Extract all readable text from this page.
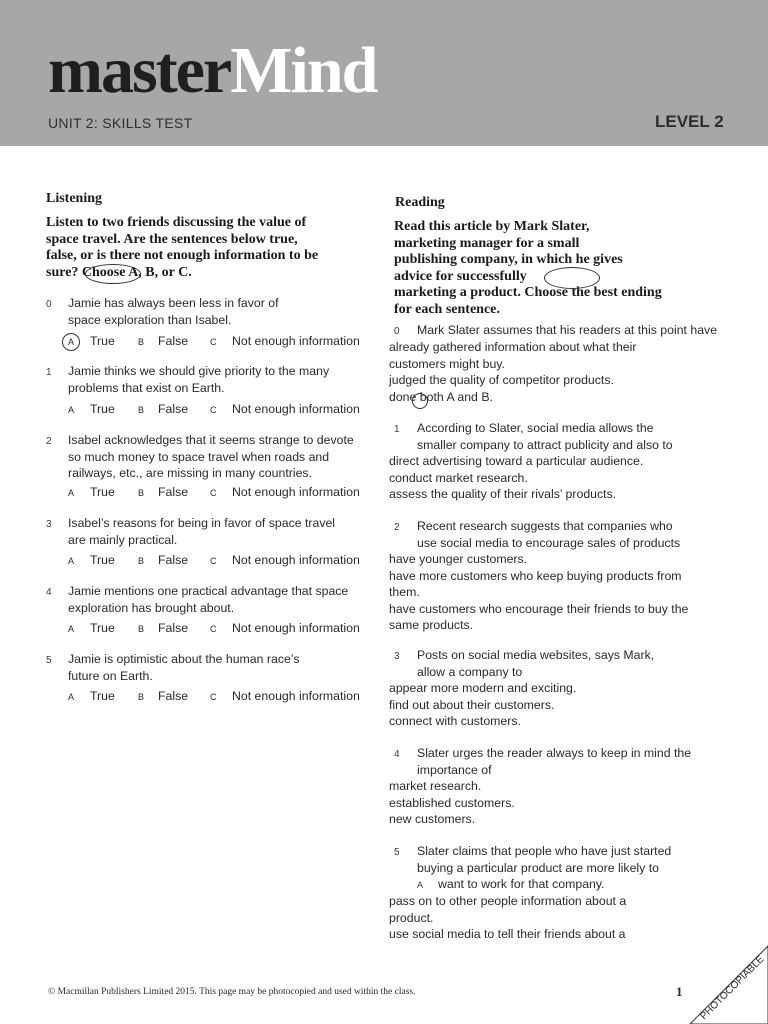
masterMind
UNIT 2: SKILLS TEST	LEVEL 2
Listening
Listen to two friends discussing the value of
space travel. Are the sentences below true,
false, or is there not enough information to be
sure? Choose A, B, or C.
0 Jamie has always been less in favor of
space exploration than Isabel.
A True	B False C Not enough information
1 Jamie thinks we should give priority to the many
problems that exist on Earth.
A True	B False C Not enough information
2 Isabel acknowledges that it seems strange to devote
so much money to space travel when roads and
railways, etc., are missing in many countries.
A True	B False C Not enough information
3 Isabel’s reasons for being in favor of space travel
are mainly practical.
A True	B False C Not enough information
4 Jamie mentions one practical advantage that space
exploration has brought about.
A True	B False C Not enough information
5 Jamie is optimistic about the human race’s
future on Earth.
A True	B False C Not enough information
Reading
Read this article by Mark Slater,
marketing manager for a small
publishing company, in which he gives
advice for successfully
marketing a product. Choose the best ending
for each sentence.
0 Mark Slater assumes that his readers at this point have
already gathered information about what their
customers might buy.
judged the quality of competitor products.
done both A and B.
1 According to Slater, social media allows the
smaller company to attract publicity and also to
direct advertising toward a particular audience.
conduct market research.
assess the quality of their rivals’ products.
2 Recent research suggests that companies who
use social media to encourage sales of products
have younger customers.
have more customers who keep buying products from
them.
have customers who encourage their friends to buy the
same products.
3 Posts on social media websites, says Mark,
allow a company to
appear more modern and exciting.
find out about their customers.
connect with customers.
4 Slater urges the reader always to keep in mind the
importance of
market research.
established customers.
new customers.
5 Slater claims that people who have just started
buying a particular product are more likely to
A want to work for that company.
pass on to other people information about a
product.
use social media to tell their friends about a
© Macmillan Publishers Limited 2015. This page may be photocopied and used within the class.	1 PHOTOCOPIABLE
